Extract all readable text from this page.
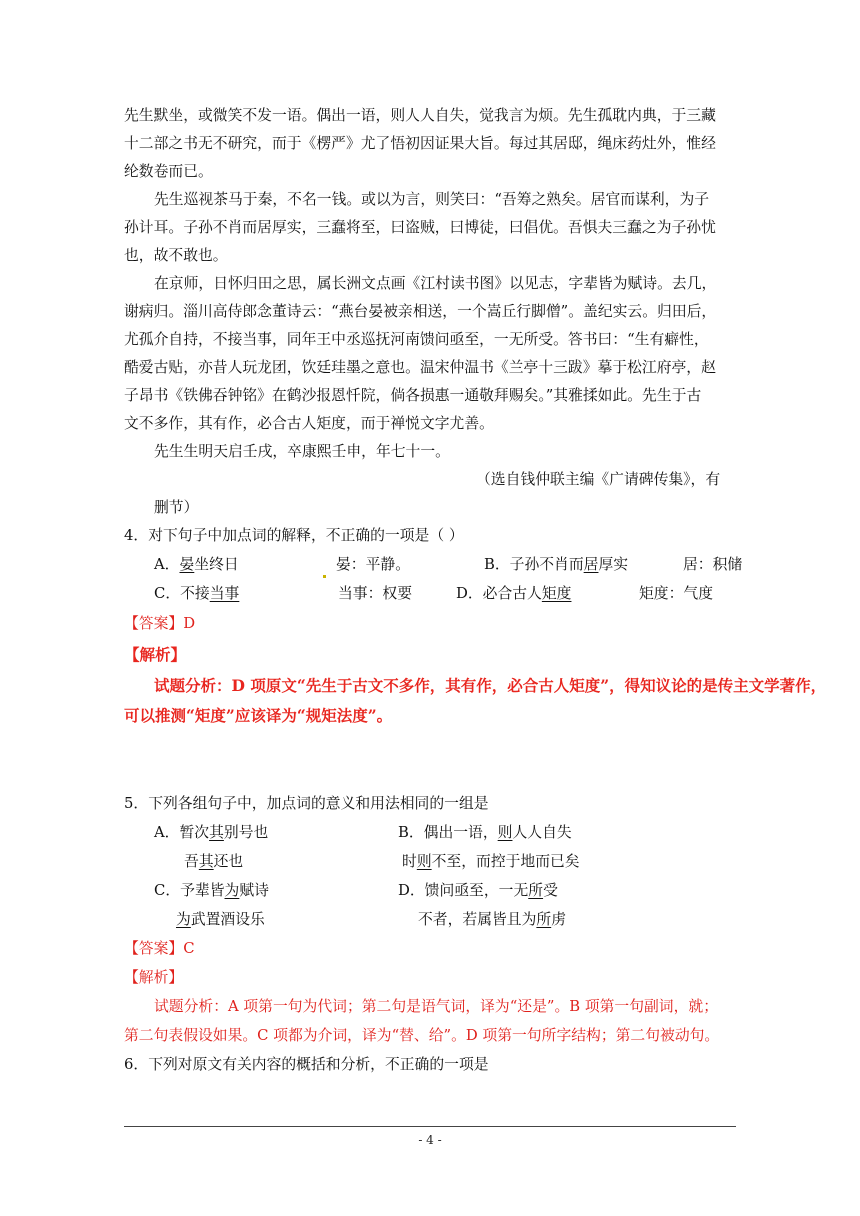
先生默坐，或微笑不发一语。偶出一语，则人人自失，觉我言为烦。先生孤耽内典，于三藏
十二部之书无不研究，而于《楞严》尤了悟初因证果大旨。每过其居邸，绳床药灶外，惟经
纶数卷而已。
先生巡视茶马于秦，不名一钱。或以为言，则笑曰：“吾筹之熟矣。居官而谋利，为子
孙计耳。子孙不肖而居厚实，三蠢将至，曰盗贼，曰博徒，曰倡优。吾惧夫三蠢之为子孙忧
也，故不敢也。
在京师，日怀归田之思，属长洲文点画《江村读书图》以见志，字辈皆为赋诗。去几，
谢病归。淄川高侍郎念董诗云：“燕台晏被亲相送，一个嵩丘行脚僧”。盖纪实云。归田后，
尤孤介自持，不接当事，同年王中丞巡抚河南馈问亟至，一无所受。答书曰：“生有癖性，
酷爱古贴，亦昔人玩龙团，饮廷珪墨之意也。温宋仲温书《兰亭十三跋》摹于松江府亭，赵
子昂书《铁佛吞钟铭》在鹤沙报恩忏院，倘各损惠一通敬拜赐矣。”其雅揉如此。先生于古
文不多作，其有作，必合古人矩度，而于禅悦文字尤善。
先生生明天启壬戌，卒康熙壬申，年七十一。
（选自钱仲联主编《广请碑传集》，有
删节）
4．对下句子中加点词的解释，不正确的一项是（ ）
A．晏坐终日	晏：平静。	B．子孙不肖而居厚实	居：积储
C．不接当事	当事：权要	D．必合古人矩度	矩度：气度
【答案】D
【解析】
试题分析：D 项原文“先生于古文不多作，其有作，必合古人矩度”，得知议论的是传主文学著作，
可以推测“矩度”应该译为“规矩法度”。
5．下列各组句子中，加点词的意义和用法相同的一组是
A．暂次其别号也	B．偶出一语，则人人自失
吾其还也	时则不至，而控于地而已矣
C．予辈皆为赋诗	D．馈问亟至，一无所受
为武置酒设乐	不者，若属皆且为所虏
【答案】C
【解析】
试题分析：A 项第一句为代词；第二句是语气词，译为“还是”。B 项第一句副词，就；
第二句表假设如果。C 项都为介词，译为“替、给”。D 项第一句所字结构；第二句被动句。
6．下列对原文有关内容的概括和分析，不正确的一项是
- 4 -
